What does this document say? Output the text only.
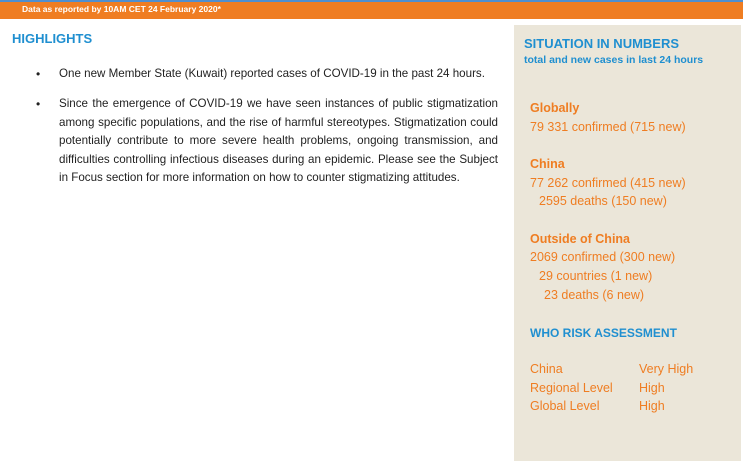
Data as reported by 10AM CET 24 February 2020*
HIGHLIGHTS
• One new Member State (Kuwait) reported cases of COVID-19 in the past 24 hours.
• Since the emergence of COVID-19 we have seen instances of public stigmatization among specific populations, and the rise of harmful stereotypes. Stigmatization could potentially contribute to more severe health problems, ongoing transmission, and difficulties controlling infectious diseases during an epidemic. Please see the Subject in Focus section for more information on how to counter stigmatizing attitudes.
SITUATION IN NUMBERS
total and new cases in last 24 hours
Globally
79 331 confirmed (715 new)
China
77 262 confirmed (415 new)
2595 deaths (150 new)
Outside of China
2069 confirmed (300 new)
29 countries (1 new)
23 deaths (6 new)
WHO RISK ASSESSMENT
China	Very High
Regional Level High
Global Level	High
